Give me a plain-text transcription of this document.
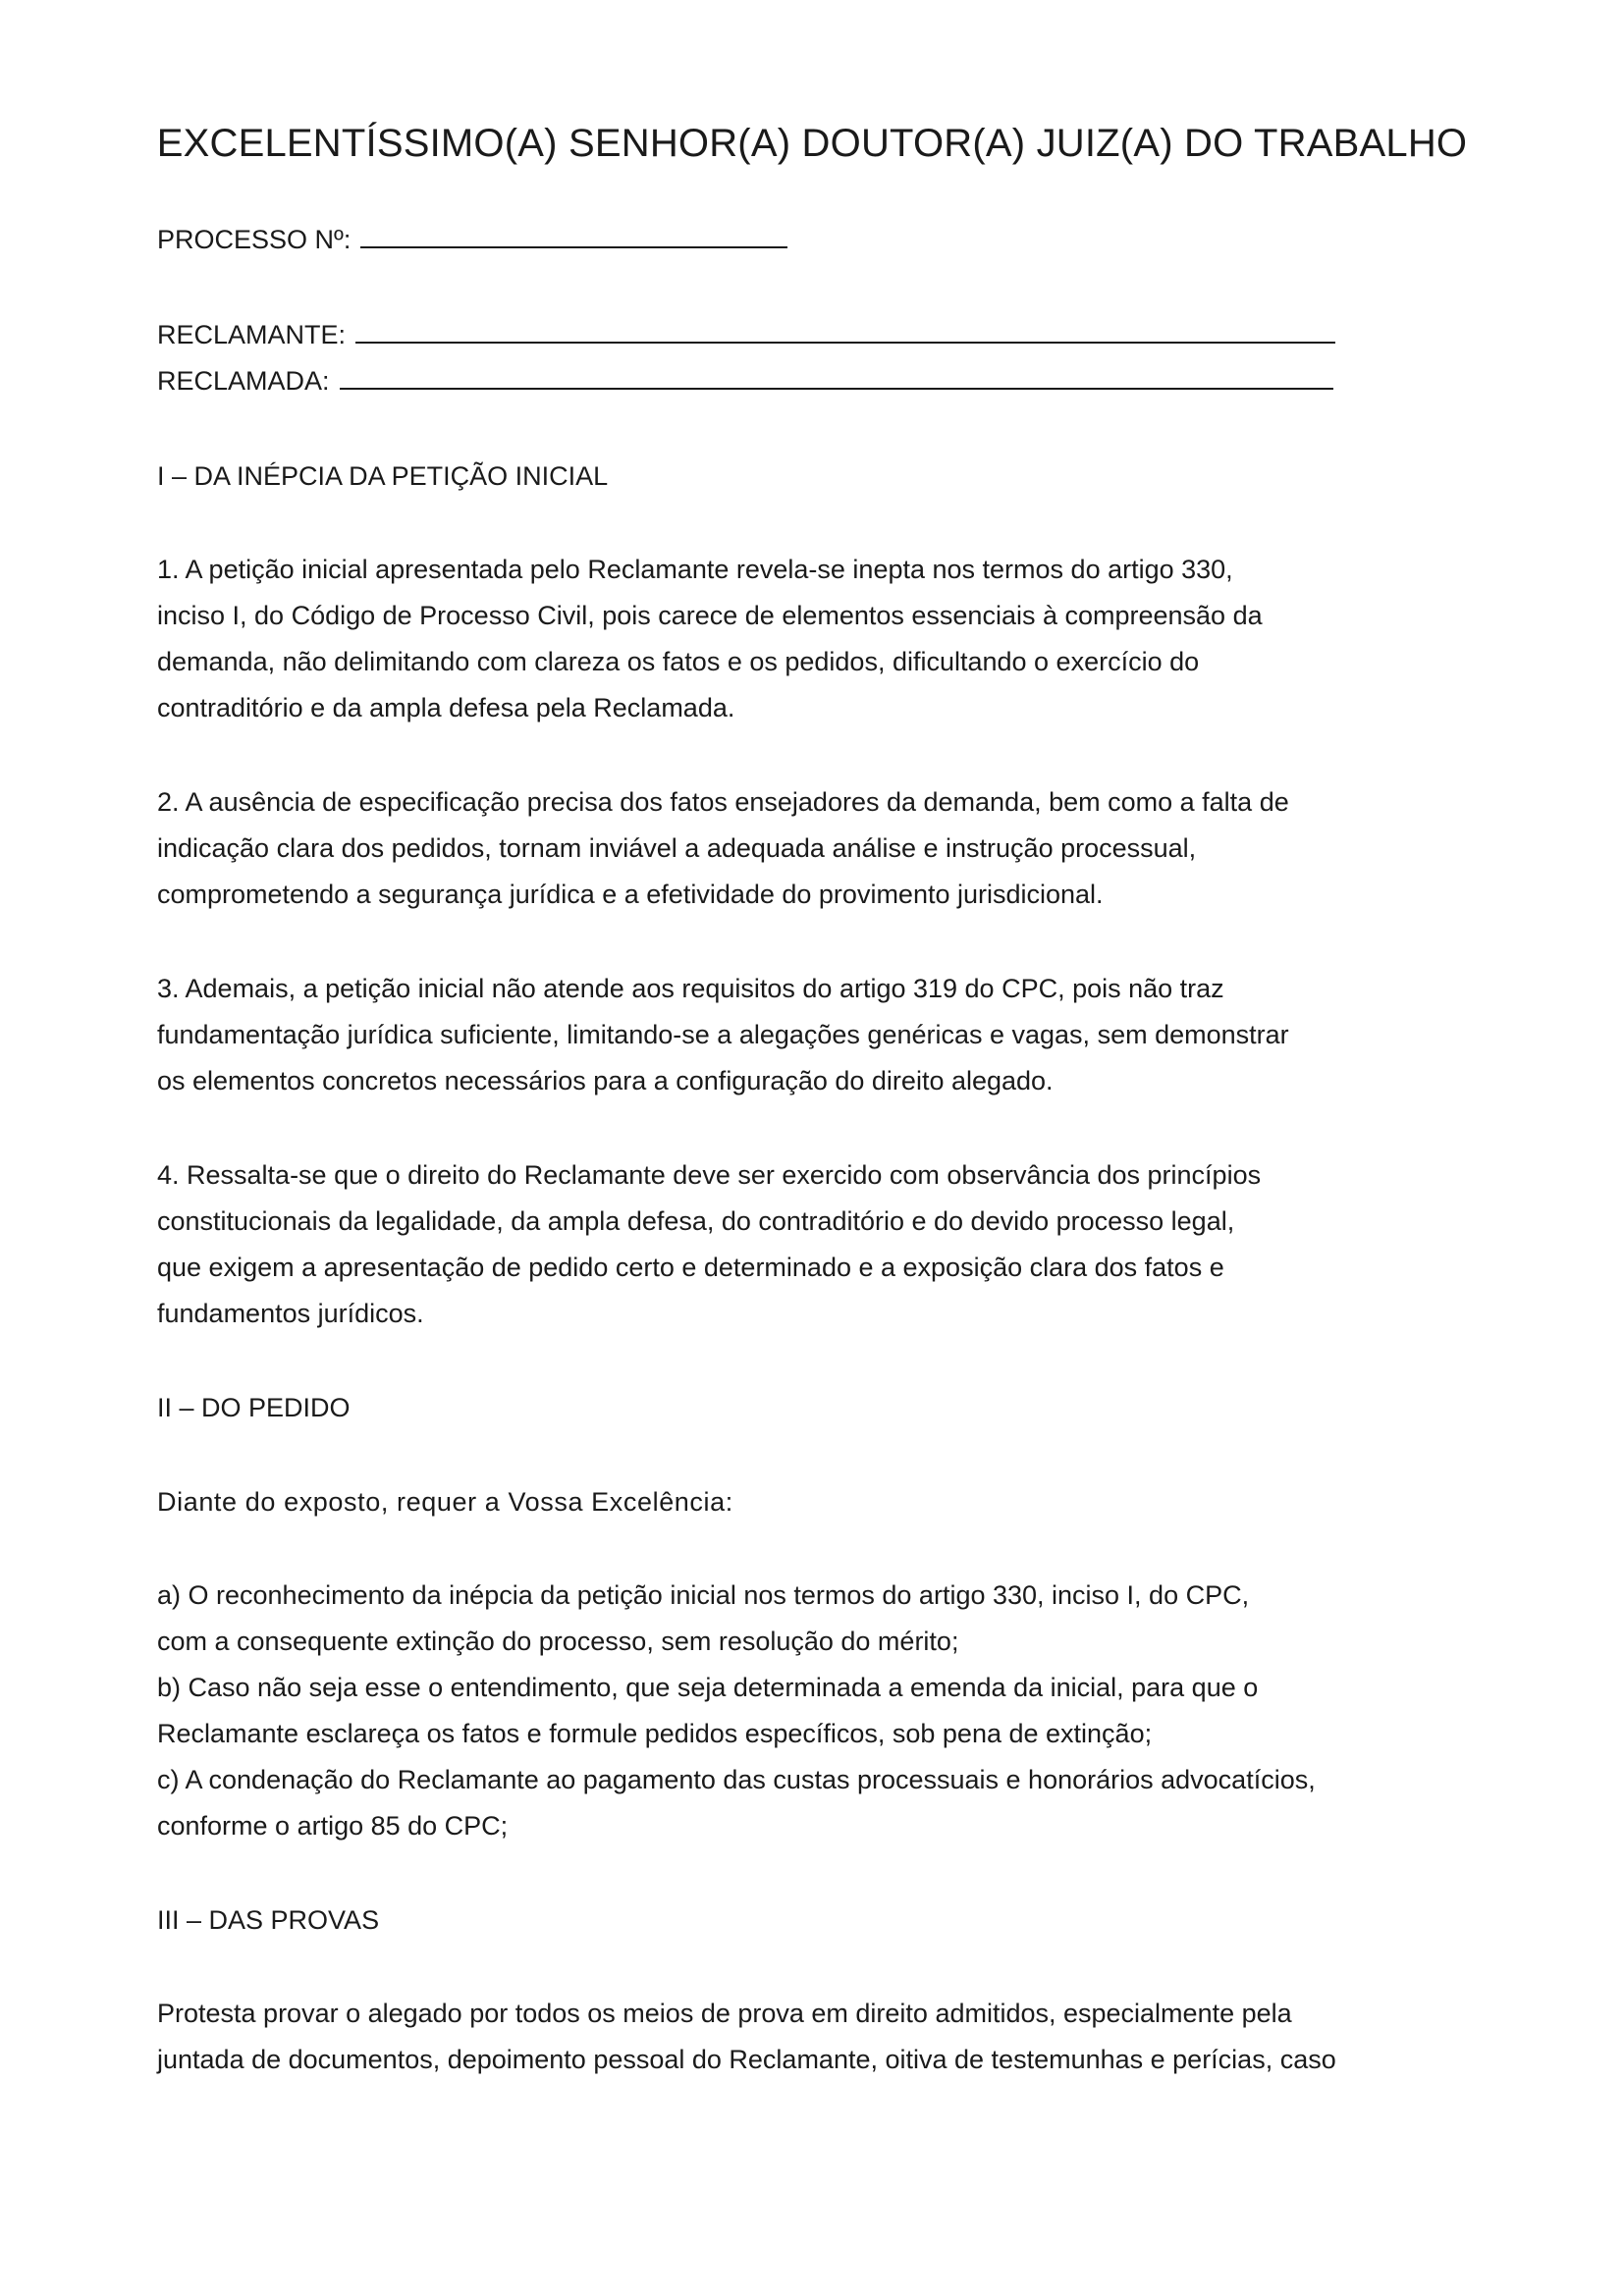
EXCELENTÍSSIMO(A) SENHOR(A) DOUTOR(A) JUIZ(A) DO TRABALHO
PROCESSO Nº:
RECLAMANTE:
RECLAMADA:
I – DA INÉPCIA DA PETIÇÃO INICIAL
1. A petição inicial apresentada pelo Reclamante revela-se inepta nos termos do artigo 330,
inciso I, do Código de Processo Civil, pois carece de elementos essenciais à compreensão da
demanda, não delimitando com clareza os fatos e os pedidos, dificultando o exercício do
contraditório e da ampla defesa pela Reclamada.
2. A ausência de especificação precisa dos fatos ensejadores da demanda, bem como a falta de
indicação clara dos pedidos, tornam inviável a adequada análise e instrução processual,
comprometendo a segurança jurídica e a efetividade do provimento jurisdicional.
3. Ademais, a petição inicial não atende aos requisitos do artigo 319 do CPC, pois não traz
fundamentação jurídica suficiente, limitando-se a alegações genéricas e vagas, sem demonstrar
os elementos concretos necessários para a configuração do direito alegado.
4. Ressalta-se que o direito do Reclamante deve ser exercido com observância dos princípios
constitucionais da legalidade, da ampla defesa, do contraditório e do devido processo legal,
que exigem a apresentação de pedido certo e determinado e a exposição clara dos fatos e
fundamentos jurídicos.
II – DO PEDIDO
Diante do exposto, requer a Vossa Excelência:
a) O reconhecimento da inépcia da petição inicial nos termos do artigo 330, inciso I, do CPC,
com a consequente extinção do processo, sem resolução do mérito;
b) Caso não seja esse o entendimento, que seja determinada a emenda da inicial, para que o
Reclamante esclareça os fatos e formule pedidos específicos, sob pena de extinção;
c) A condenação do Reclamante ao pagamento das custas processuais e honorários advocatícios,
conforme o artigo 85 do CPC;
III – DAS PROVAS
Protesta provar o alegado por todos os meios de prova em direito admitidos, especialmente pela
juntada de documentos, depoimento pessoal do Reclamante, oitiva de testemunhas e perícias, caso
